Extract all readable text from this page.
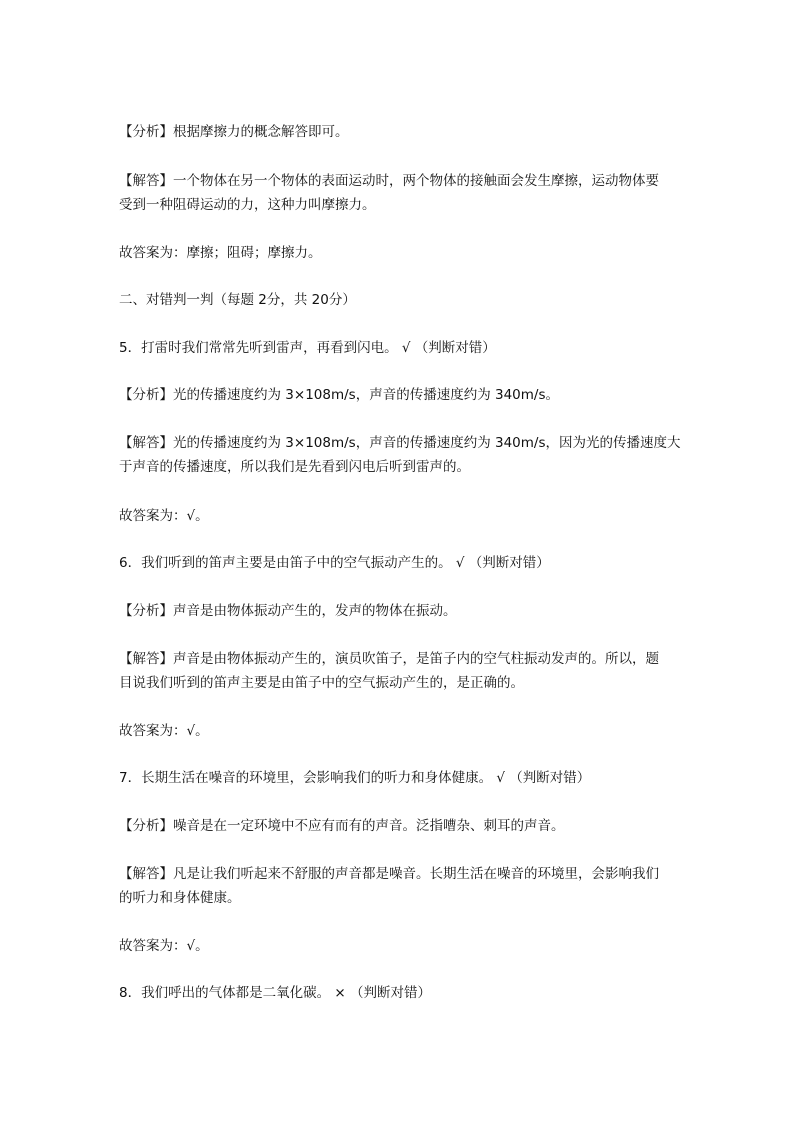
【分析】根据摩擦力的概念解答即可。
【解答】一个物体在另一个物体的表面运动时，两个物体的接触面会发生摩擦，运动物体要
受到一种阻碍运动的力，这种力叫摩擦力。
故答案为：摩擦；阻碍；摩擦力。
二、对错判一判（每题 2分，共 20分）
5．打雷时我们常常先听到雷声，再看到闪电。 √ （判断对错）
【分析】光的传播速度约为 3×108m/s，声音的传播速度约为 340m/s。
【解答】光的传播速度约为 3×108m/s，声音的传播速度约为 340m/s，因为光的传播速度大
于声音的传播速度，所以我们是先看到闪电后听到雷声的。
故答案为：√。
6．我们听到的笛声主要是由笛子中的空气振动产生的。 √ （判断对错）
【分析】声音是由物体振动产生的，发声的物体在振动。
【解答】声音是由物体振动产生的，演员吹笛子，是笛子内的空气柱振动发声的。所以，题
目说我们听到的笛声主要是由笛子中的空气振动产生的，是正确的。
故答案为：√。
7．长期生活在噪音的环境里，会影响我们的听力和身体健康。 √ （判断对错）
【分析】噪音是在一定环境中不应有而有的声音。泛指嘈杂、刺耳的声音。
【解答】凡是让我们听起来不舒服的声音都是噪音。长期生活在噪音的环境里，会影响我们
的听力和身体健康。
故答案为：√。
8．我们呼出的气体都是二氧化碳。 × （判断对错）
